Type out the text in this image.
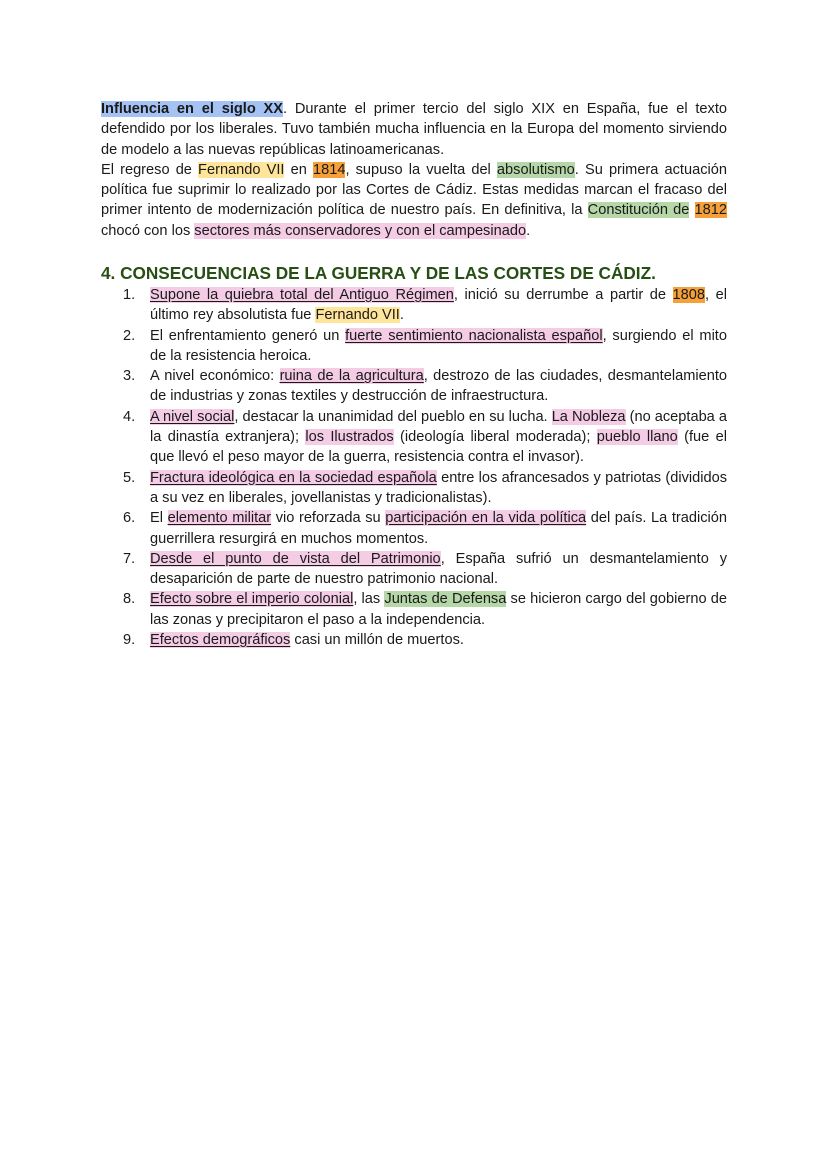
Influencia en el siglo XX. Durante el primer tercio del siglo XIX en España, fue el texto defendido por los liberales. Tuvo también mucha influencia en la Europa del momento sirviendo de modelo a las nuevas repúblicas latinoamericanas.

El regreso de Fernando VII en 1814, supuso la vuelta del absolutismo. Su primera actuación política fue suprimir lo realizado por las Cortes de Cádiz. Estas medidas marcan el fracaso del primer intento de modernización política de nuestro país. En definitiva, la Constitución de 1812 chocó con los sectores más conservadores y con el campesinado.

4. CONSECUENCIAS DE LA GUERRA Y DE LAS CORTES DE CÁDIZ.
1.	Supone la quiebra total del Antiguo Régimen, inició su derrumbe a partir de 1808, el último rey absolutista fue Fernando VII.
2.	El enfrentamiento generó un fuerte sentimiento nacionalista español, surgiendo el mito de la resistencia heroica.
3.	A nivel económico: ruina de la agricultura, destrozo de las ciudades, desmantelamiento de industrias y zonas textiles y destrucción de infraestructura.
4.	A nivel social, destacar la unanimidad del pueblo en su lucha. La Nobleza (no aceptaba a la dinastía extranjera); los Ilustrados (ideología liberal moderada); pueblo llano (fue el que llevó el peso mayor de la guerra, resistencia contra el invasor).
5.	Fractura ideológica en la sociedad española entre los afrancesados y patriotas (divididos a su vez en liberales, jovellanistas y tradicionalistas).
6.	El elemento militar vio reforzada su participación en la vida política del país. La tradición guerrillera resurgirá en muchos momentos.
7.	Desde el punto de vista del Patrimonio, España sufrió un desmantelamiento y desaparición de parte de nuestro patrimonio nacional.
8.	Efecto sobre el imperio colonial, las Juntas de Defensa se hicieron cargo del gobierno de las zonas y precipitaron el paso a la independencia.
9.	Efectos demográficos casi un millón de muertos.
